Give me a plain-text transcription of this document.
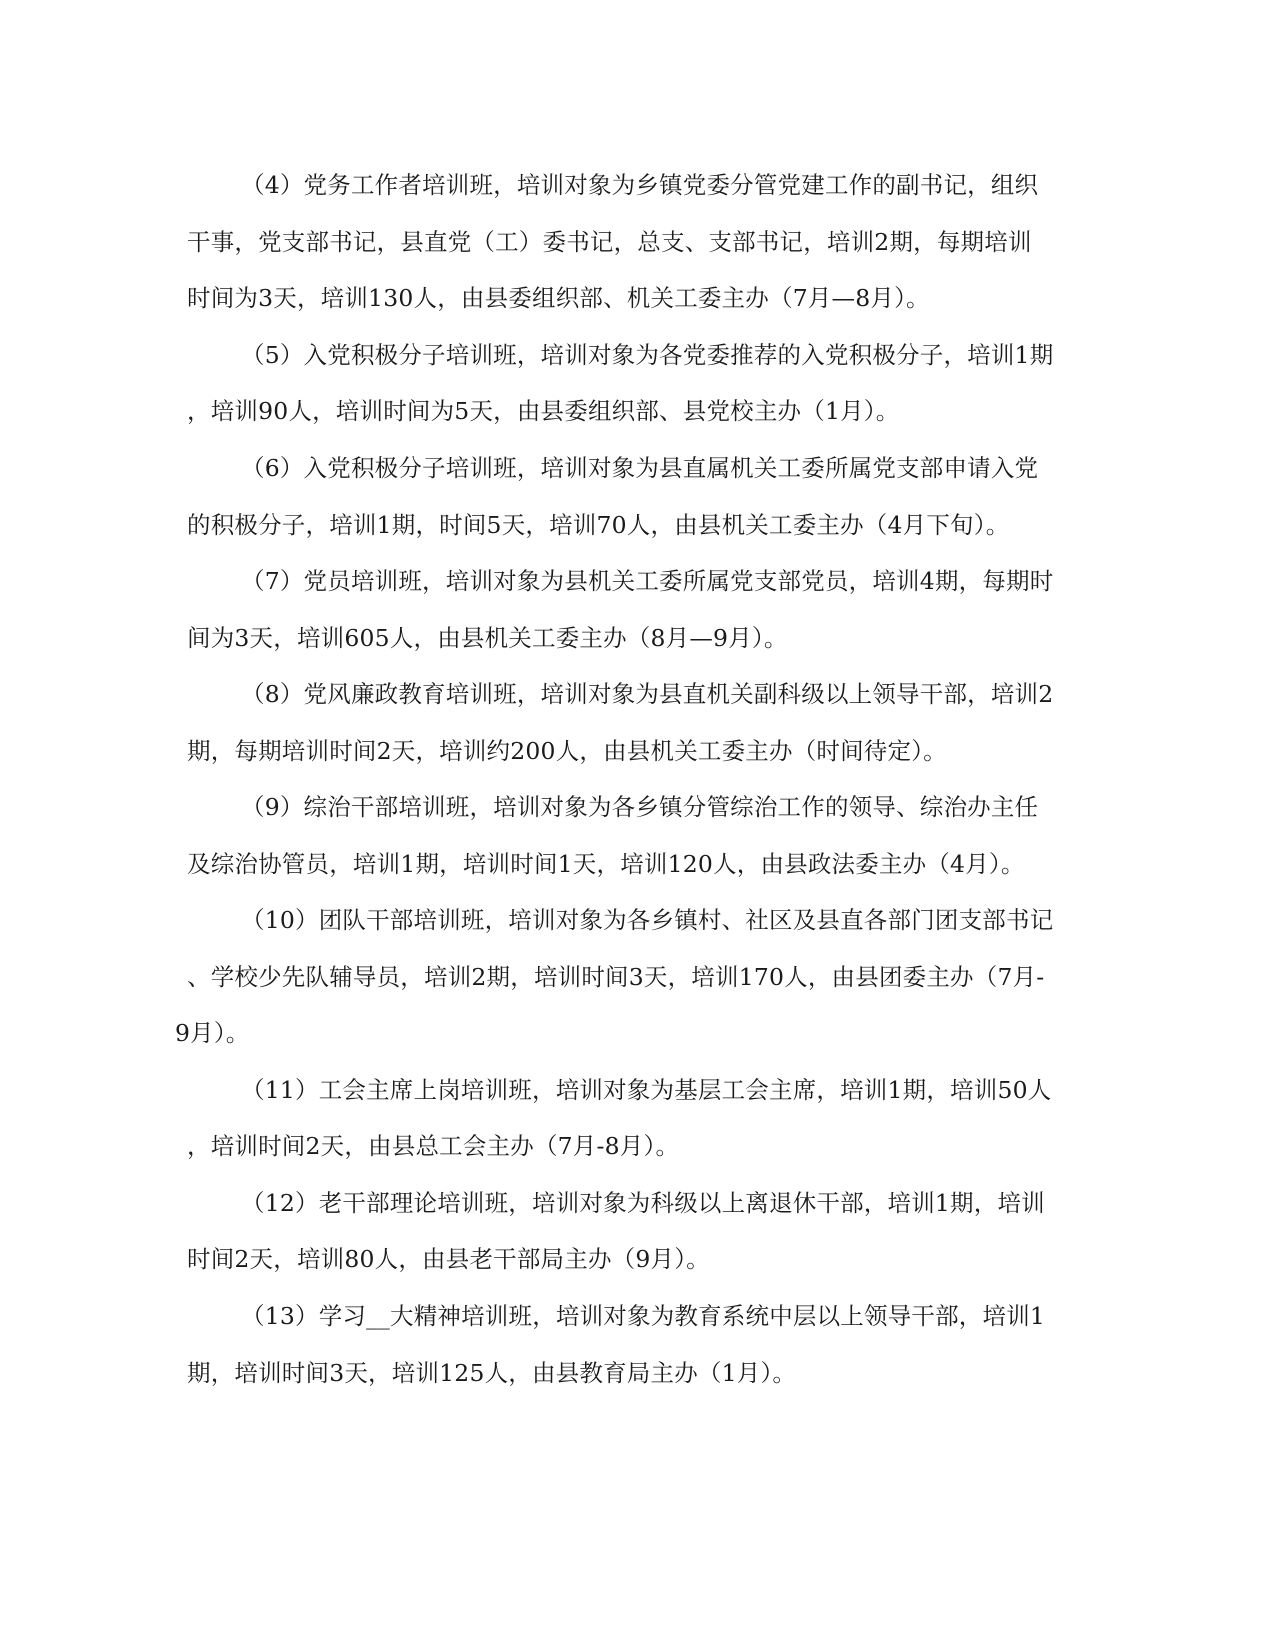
（4）党务工作者培训班，培训对象为乡镇党委分管党建工作的副书记，组织
干事，党支部书记，县直党（工）委书记，总支、支部书记，培训2期，每期培训
时间为3天，培训130人，由县委组织部、机关工委主办（7月—8月）。
（5）入党积极分子培训班，培训对象为各党委推荐的入党积极分子，培训1期
，培训90人，培训时间为5天，由县委组织部、县党校主办（1月）。
（6）入党积极分子培训班，培训对象为县直属机关工委所属党支部申请入党
的积极分子，培训1期，时间5天，培训70人，由县机关工委主办（4月下旬）。
（7）党员培训班，培训对象为县机关工委所属党支部党员，培训4期，每期时
间为3天，培训605人，由县机关工委主办（8月—9月）。
（8）党风廉政教育培训班，培训对象为县直机关副科级以上领导干部，培训2
期，每期培训时间2天，培训约200人，由县机关工委主办（时间待定）。
（9）综治干部培训班，培训对象为各乡镇分管综治工作的领导、综治办主任
及综治协管员，培训1期，培训时间1天，培训120人，由县政法委主办（4月）。
（10）团队干部培训班，培训对象为各乡镇村、社区及县直各部门团支部书记
、学校少先队辅导员，培训2期，培训时间3天，培训170人，由县团委主办（7月-
9月）。
（11）工会主席上岗培训班，培训对象为基层工会主席，培训1期，培训50人
，培训时间2天，由县总工会主办（7月-8月）。
（12）老干部理论培训班，培训对象为科级以上离退休干部，培训1期，培训
时间2天，培训80人，由县老干部局主办（9月）。
（13）学习__大精神培训班，培训对象为教育系统中层以上领导干部，培训1
期，培训时间3天，培训125人，由县教育局主办（1月）。
